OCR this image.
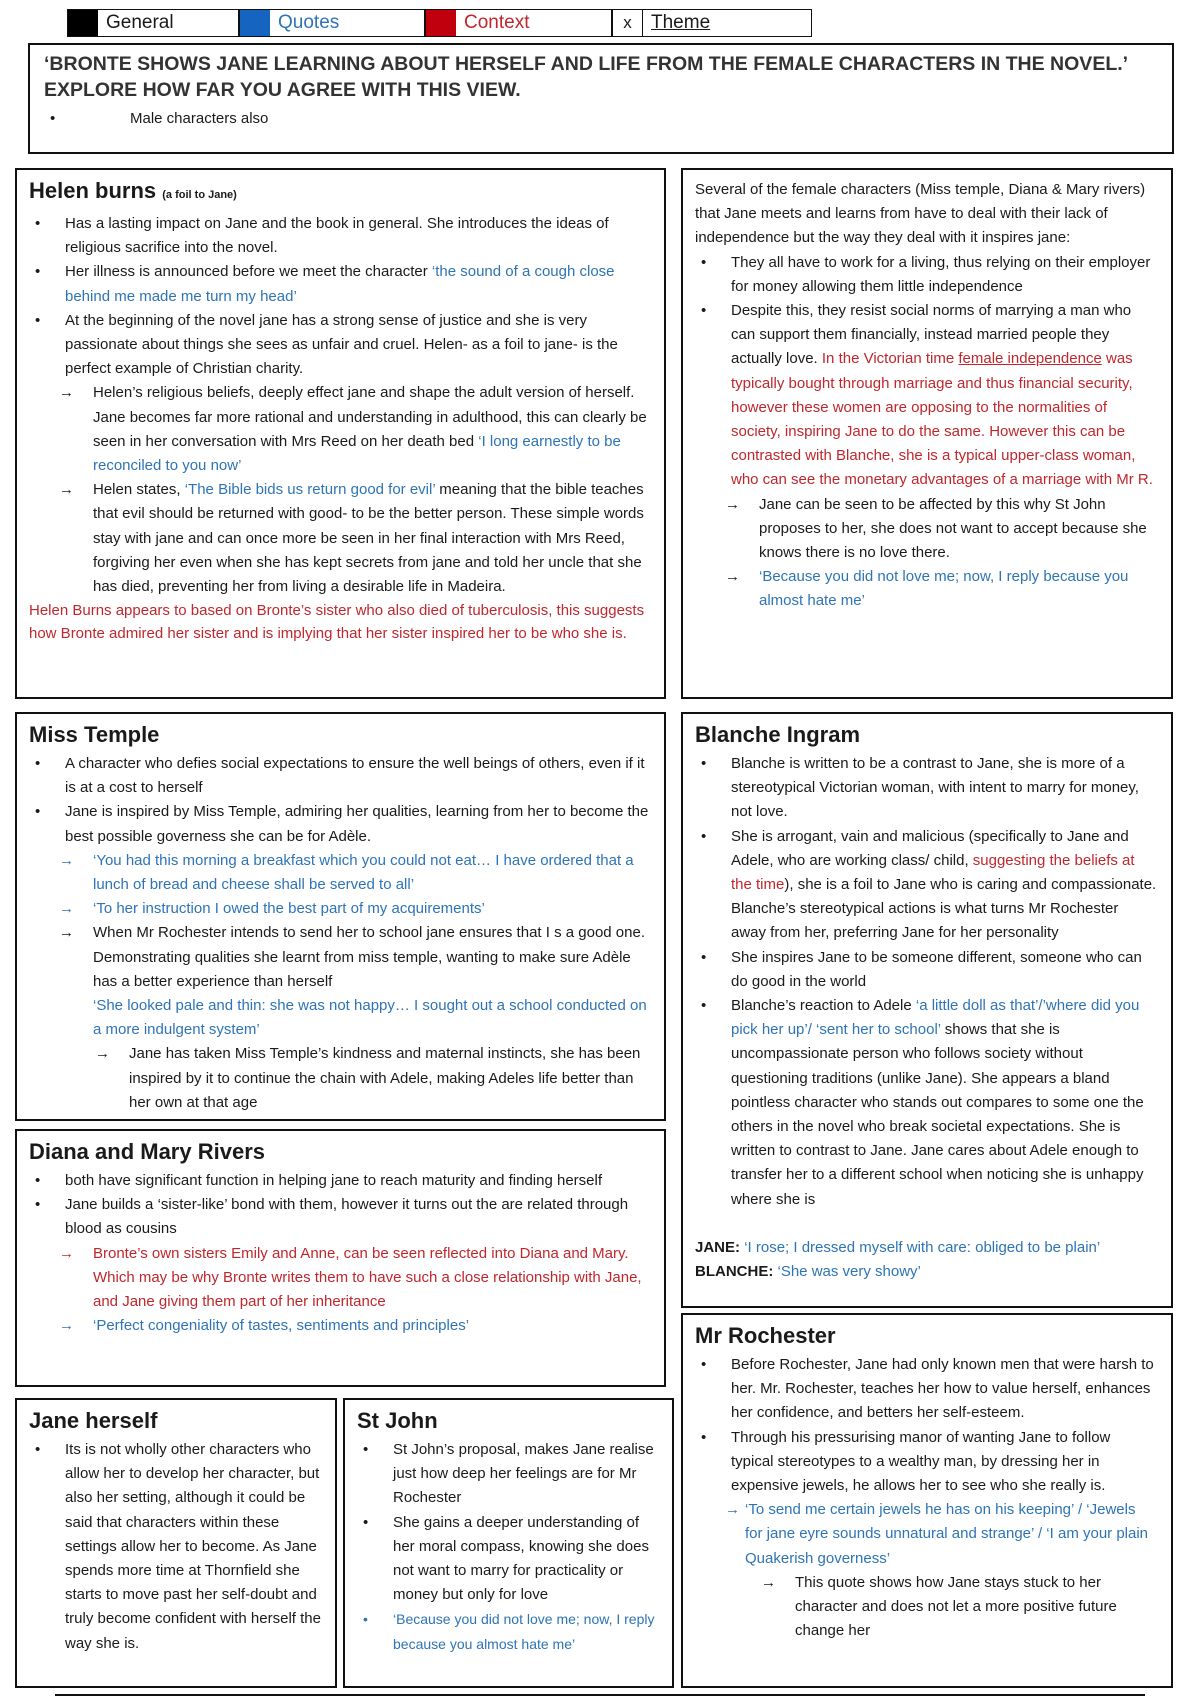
General	Quotes	Context	x	Theme
‘BRONTE SHOWS JANE LEARNING ABOUT HERSELF AND LIFE FROM THE FEMALE CHARACTERS IN THE NOVEL.’ EXPLORE HOW FAR YOU AGREE WITH THIS VIEW.
• Male characters also
Helen burns (a foil to Jane)
• Has a lasting impact on Jane and the book in general. She introduces the ideas of religious sacrifice into the novel.
• Her illness is announced before we meet the character ‘the sound of a cough close behind me made me turn my head’
• At the beginning of the novel jane has a strong sense of justice and she is very passionate about things she sees as unfair and cruel. Helen- as a foil to jane- is the perfect example of Christian charity.
→ Helen’s religious beliefs, deeply effect jane and shape the adult version of herself. Jane becomes far more rational and understanding in adulthood, this can clearly be seen in her conversation with Mrs Reed on her death bed ‘I long earnestly to be reconciled to you now’
→ Helen states, ‘The Bible bids us return good for evil’ meaning that the bible teaches that evil should be returned with good- to be the better person. These simple words stay with jane and can once more be seen in her final interaction with Mrs Reed, forgiving her even when she has kept secrets from jane and told her uncle that she has died, preventing her from living a desirable life in Madeira.
Helen Burns appears to based on Bronte’s sister who also died of tuberculosis, this suggests how Bronte admired her sister and is implying that her sister inspired her to be who she is.
Several of the female characters (Miss temple, Diana & Mary rivers) that Jane meets and learns from have to deal with their lack of independence but the way they deal with it inspires jane:
• They all have to work for a living, thus relying on their employer for money allowing them little independence
• Despite this, they resist social norms of marrying a man who can support them financially, instead married people they actually love. In the Victorian time female independence was typically bought through marriage and thus financial security, however these women are opposing to the normalities of society, inspiring Jane to do the same. However this can be contrasted with Blanche, she is a typical upper-class woman, who can see the monetary advantages of a marriage with Mr R.
→ Jane can be seen to be affected by this why St John proposes to her, she does not want to accept because she knows there is no love there.
→ ‘Because you did not love me; now, I reply because you almost hate me’
Miss Temple
• A character who defies social expectations to ensure the well beings of others, even if it is at a cost to herself
• Jane is inspired by Miss Temple, admiring her qualities, learning from her to become the best possible governess she can be for Adèle.
→ ‘You had this morning a breakfast which you could not eat… I have ordered that a lunch of bread and cheese shall be served to all’
→ ‘To her instruction I owed the best part of my acquirements’
→ When Mr Rochester intends to send her to school jane ensures that I s a good one. Demonstrating qualities she learnt from miss temple, wanting to make sure Adèle has a better experience than herself
‘She looked pale and thin: she was not happy… I sought out a school conducted on a more indulgent system’
→ Jane has taken Miss Temple’s kindness and maternal instincts, she has been inspired by it to continue the chain with Adele, making Adeles life better than her own at that age
Blanche Ingram
• Blanche is written to be a contrast to Jane, she is more of a stereotypical Victorian woman, with intent to marry for money, not love.
• She is arrogant, vain and malicious (specifically to Jane and Adele, who are working class/ child, suggesting the beliefs at the time), she is a foil to Jane who is caring and compassionate. Blanche’s stereotypical actions is what turns Mr Rochester away from her, preferring Jane for her personality
• She inspires Jane to be someone different, someone who can do good in the world
• Blanche’s reaction to Adele ‘a little doll as that’/’where did you pick her up’/ ‘sent her to school’ shows that she is uncompassionate person who follows society without questioning traditions (unlike Jane). She appears a bland pointless character who stands out compares to some one the others in the novel who break societal expectations. She is written to contrast to Jane. Jane cares about Adele enough to transfer her to a different school when noticing she is unhappy where she is
JANE: ‘I rose; I dressed myself with care: obliged to be plain’
BLANCHE: ‘She was very showy’
Diana and Mary Rivers
• both have significant function in helping jane to reach maturity and finding herself
• Jane builds a ‘sister-like’ bond with them, however it turns out the are related through blood as cousins
→ Bronte’s own sisters Emily and Anne, can be seen reflected into Diana and Mary. Which may be why Bronte writes them to have such a close relationship with Jane, and Jane giving them part of her inheritance
→ ‘Perfect congeniality of tastes, sentiments and principles’	Mr Rochester
• Before Rochester, Jane had only known men that were harsh to her. Mr. Rochester, teaches her how to value herself, enhances her confidence, and betters her self-esteem.
• Through his pressurising manor of wanting Jane to follow typical stereotypes to a wealthy man, by dressing her in expensive jewels, he allows her to see who she really is.
→ ‘To send me certain jewels he has on his keeping’ / ‘Jewels for jane eyre sounds unnatural and strange’ / ‘I am your plain Quakerish governess’
→ This quote shows how Jane stays stuck to her character and does not let a more positive future change her
Jane herself
• Its is not wholly other characters who allow her to develop her character, but also her setting, although it could be said that characters within these settings allow her to become. As Jane spends more time at Thornfield she starts to move past her self-doubt and truly become confident with herself the way she is.
St John
• St John’s proposal, makes Jane realise just how deep her feelings are for Mr Rochester
• She gains a deeper understanding of her moral compass, knowing she does not want to marry for practicality or money but only for love
• ‘Because you did not love me; now, I reply because you almost hate me’
